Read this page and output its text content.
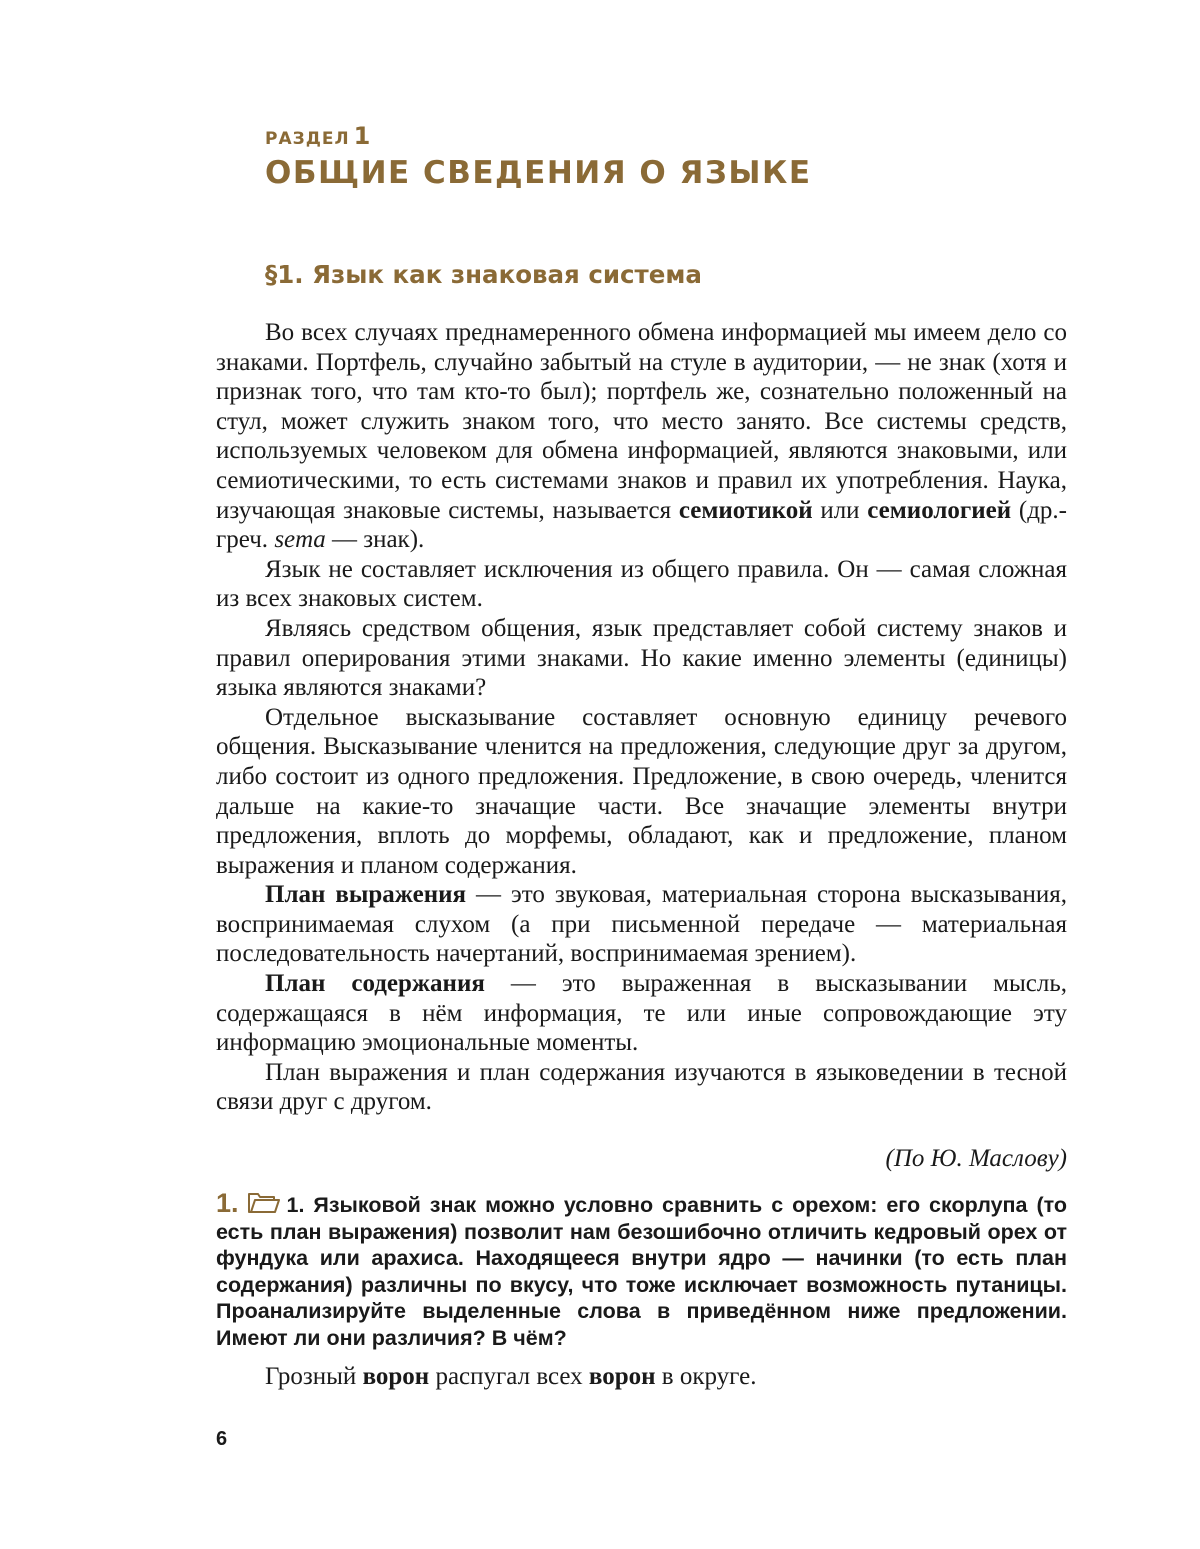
РАЗДЕЛ 1
ОБЩИЕ СВЕДЕНИЯ О ЯЗЫКЕ
§1. Язык как знаковая система

Во всех случаях преднамеренного обмена информацией мы имеем дело со знаками. Портфель, случайно забытый на стуле в аудитории, — не знак (хотя и признак того, что там кто-то был); портфель же, сознательно положенный на стул, может служить знаком того, что место занято. Все системы средств, используемых человеком для обмена информацией, являются знаковыми, или семиотическими, то есть системами знаков и правил их употребления. Наука, изучающая знаковые системы, называется семиотикой или семиологией (др.-греч. sema — знак).

Язык не составляет исключения из общего правила. Он — самая сложная из всех знаковых систем.

Являясь средством общения, язык представляет собой систему знаков и правил оперирования этими знаками. Но какие именно элементы (единицы) языка являются знаками?

Отдельное высказывание составляет основную единицу речевого общения. Высказывание членится на предложения, следующие друг за другом, либо состоит из одного предложения. Предложение, в свою очередь, членится дальше на какие-то значащие части. Все значащие элементы внутри предложения, вплоть до морфемы, обладают, как и предложение, планом выражения и планом содержания.

План выражения — это звуковая, материальная сторона высказывания, воспринимаемая слухом (а при письменной передаче — материальная последовательность начертаний, воспринимаемая зрением).

План содержания — это выраженная в высказывании мысль, содержащаяся в нём информация, те или иные сопровождающие эту информацию эмоциональные моменты.

План выражения и план содержания изучаются в языковедении в тесной связи друг с другом.

(По Ю. Маслову)
1. 1. Языковой знак можно условно сравнить с орехом: его скорлупа (то есть план выражения) позволит нам безошибочно отличить кедровый орех от фундука или арахиса. Находящееся внутри ядро — начинки (то есть план содержания) различны по вкусу, что тоже исключает возможность путаницы. Проанализируйте выделенные слова в приведённом ниже предложении. Имеют ли они различия? В чём?
Грозный ворон распугал всех ворон в округе.
6
